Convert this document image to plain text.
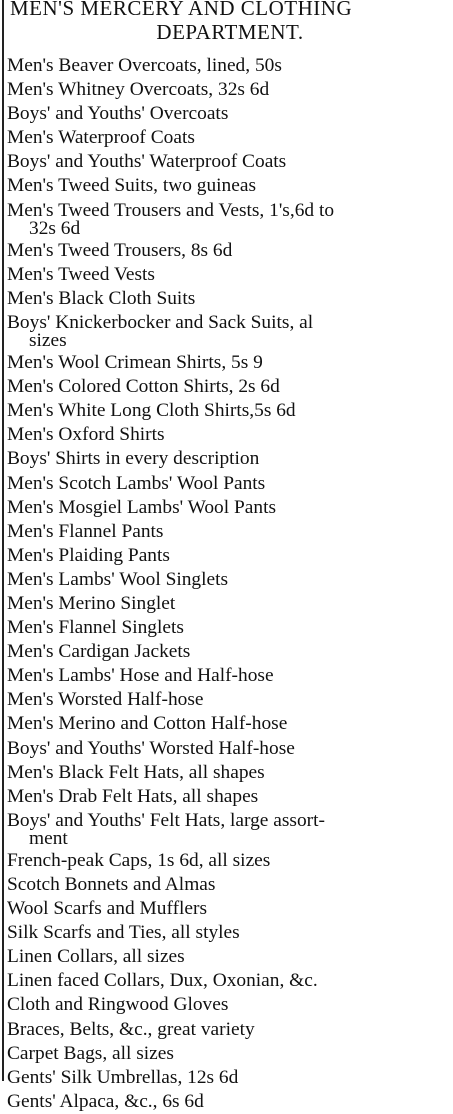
MEN'S MERCERY AND CLOTHING
DEPARTMENT.
Men's Beaver Overcoats, lined, 50s
Men's Whitney Overcoats, 32s 6d
Boys' and Youths' Overcoats
Men's Waterproof Coats
Boys' and Youths' Waterproof Coats
Men's Tweed Suits, two guineas
Men's Tweed Trousers and Vests, 1's,6d to
32s 6d
Men's Tweed Trousers, 8s 6d
Men's Tweed Vests
Men's Black Cloth Suits
Boys' Knickerbocker and Sack Suits, al
sizes
Men's Wool Crimean Shirts, 5s 9
Men's Colored Cotton Shirts, 2s 6d
Men's White Long Cloth Shirts,5s 6d
Men's Oxford Shirts
Boys' Shirts in every description
Men's Scotch Lambs' Wool Pants
Men's Mosgiel Lambs' Wool Pants
Men's Flannel Pants
Men's Plaiding Pants
Men's Lambs' Wool Singlets
Men's Merino Singlet
Men's Flannel Singlets
Men's Cardigan Jackets
Men's Lambs' Hose and Half-hose
Men's Worsted Half-hose
Men's Merino and Cotton Half-hose
Boys' and Youths' Worsted Half-hose
Men's Black Felt Hats, all shapes
Men's Drab Felt Hats, all shapes
Boys' and Youths' Felt Hats, large assort-
ment
French-peak Caps, 1s 6d, all sizes
Scotch Bonnets and Almas
Wool Scarfs and Mufflers
Silk Scarfs and Ties, all styles
Linen Collars, all sizes
Linen faced Collars, Dux, Oxonian, &c.
Cloth and Ringwood Gloves
Braces, Belts, &c., great variety
Carpet Bags, all sizes
Gents' Silk Umbrellas, 12s 6d
Gents' Alpaca, &c., 6s 6d
